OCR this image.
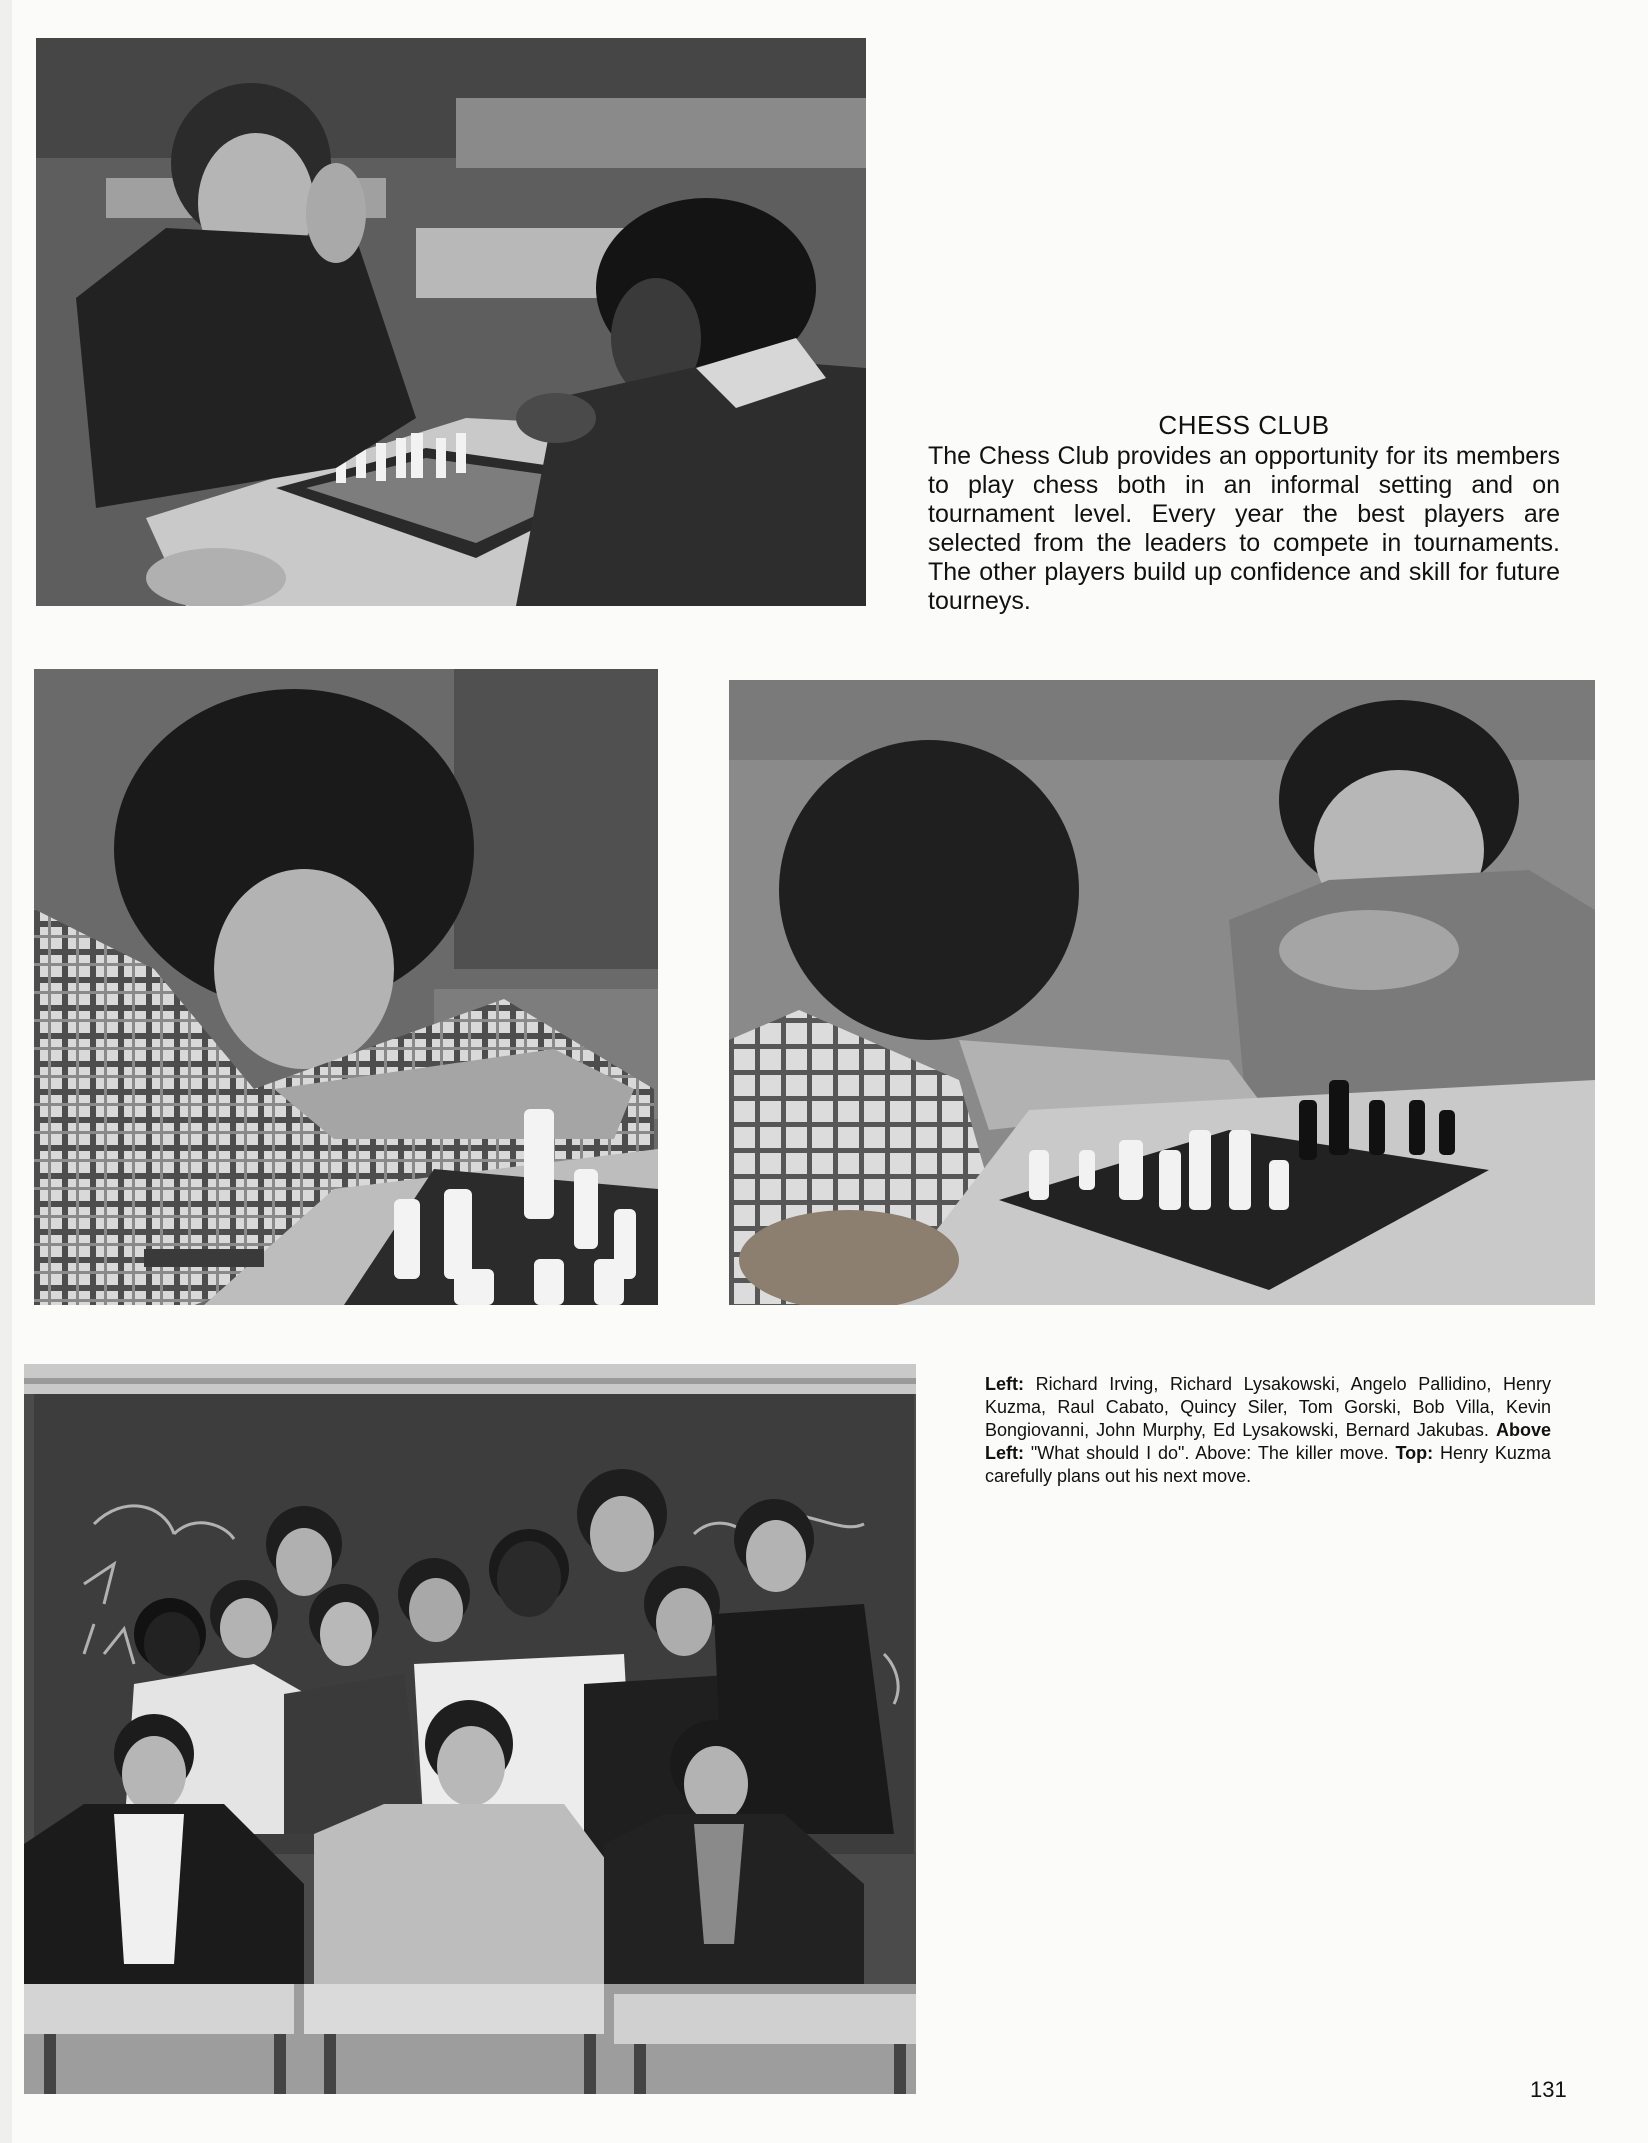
CHESS CLUB

The Chess Club provides an opportunity for its members to play chess both in an informal setting and on tournament level. Every year the best players are selected from the leaders to compete in tournaments. The other players build up confidence and skill for future tourneys.

Left: Richard Irving, Richard Lysakowski, Angelo Pallidino, Henry Kuzma, Raul Cabato, Quincy Siler, Tom Gorski, Bob Villa, Kevin Bongiovanni, John Murphy, Ed Lysakowski, Bernard Jakubas. Above Left: "What should I do". Above: The killer move. Top: Henry Kuzma carefully plans out his next move.

131
